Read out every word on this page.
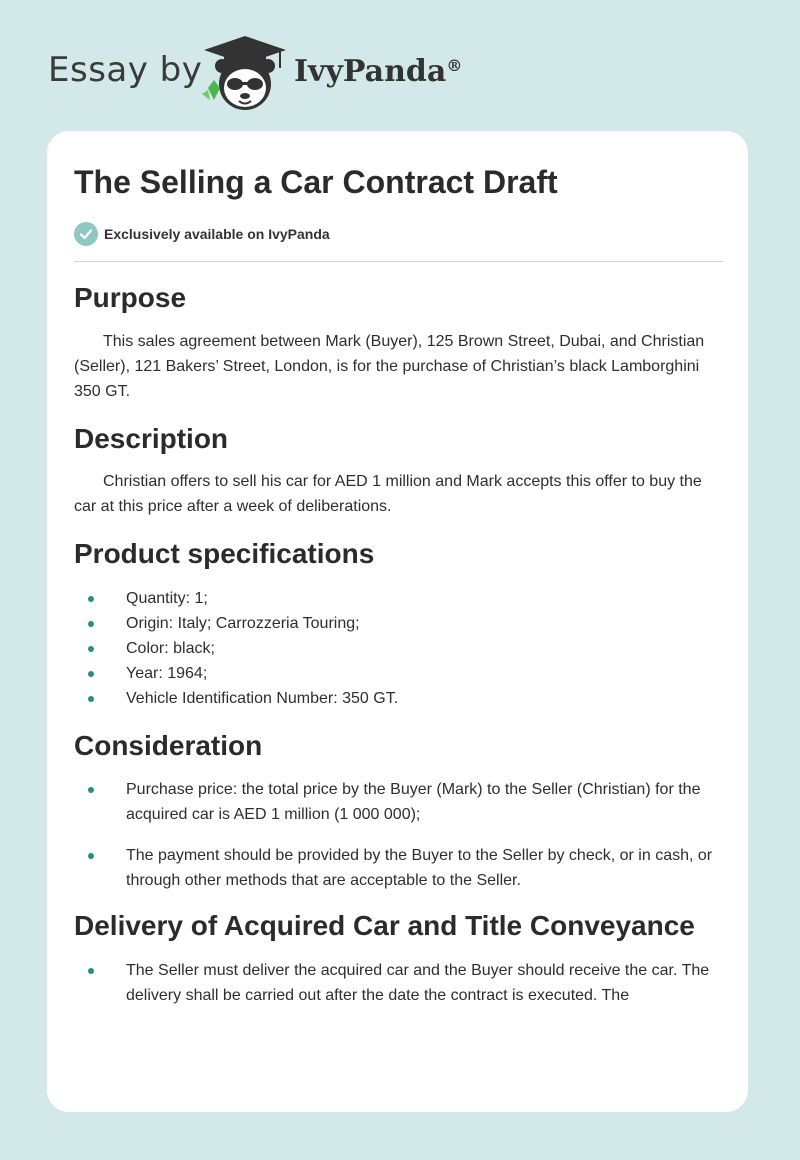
Essay by	IvyPanda®
The Selling a Car Contract Draft
Exclusively available on IvyPanda
Purpose

This sales agreement between Mark (Buyer), 125 Brown Street, Dubai, and Christian (Seller), 121 Bakers’ Street, London, is for the purchase of Christian’s black Lamborghini 350 GT.

Description

Christian offers to sell his car for AED 1 million and Mark accepts this offer to buy the car at this price after a week of deliberations.

Product specifications
Quantity: 1;
Origin: Italy; Carrozzeria Touring;
Color: black;
Year: 1964;
Vehicle Identification Number: 350 GT.
Consideration
Purchase price: the total price by the Buyer (Mark) to the Seller (Christian) for the acquired car is AED 1 million (1 000 000);
The payment should be provided by the Buyer to the Seller by check, or in cash, or through other methods that are acceptable to the Seller.
Delivery of Acquired Car and Title Conveyance
The Seller must deliver the acquired car and the Buyer should receive the car. The delivery shall be carried out after the date the contract is executed. The
